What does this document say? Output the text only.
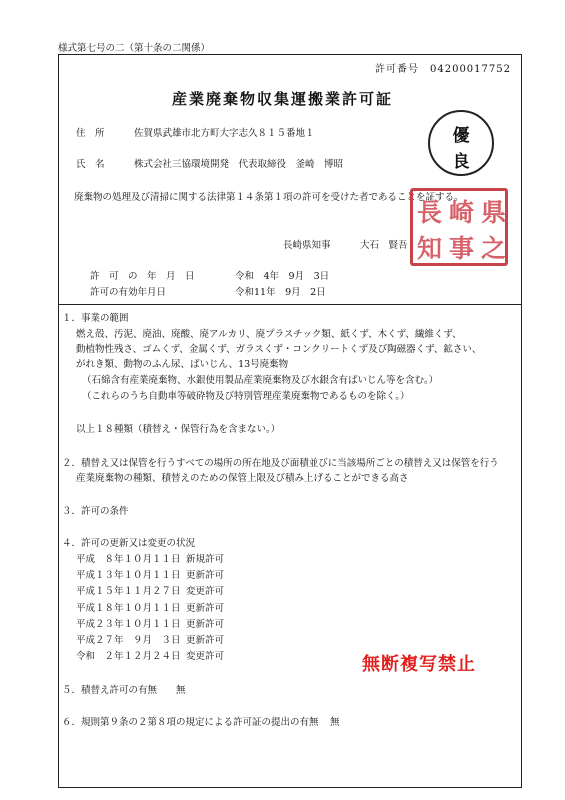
様式第七号の二（第十条の二関係）
許可番号　04200017752
産業廃棄物収集運搬業許可証
住　所	佐賀県武雄市北方町大字志久８１５番地１
氏　名	株式会社三協環境開発　代表取締役　釜崎　博昭
優
良
廃棄物の処理及び清掃に関する法律第１４条第１項の許可を受けた者であることを証する。
長 崎 県
知 事 之
長崎県知事	大石　賢吾
許　可　の　年　月　日	令和　4年　9月　3日
許可の有効年月日	令和11年　9月　2日
１．事業の範囲
燃え殻、汚泥、廃油、廃酸、廃アルカリ、廃プラスチック類、紙くず、木くず、繊維くず、
動植物性残さ、ゴムくず、金属くず、ガラスくず・コンクリートくず及び陶磁器くず、鉱さい、
がれき類、動物のふん尿、ばいじん、13号廃棄物
（石綿含有産業廃棄物、水銀使用製品産業廃棄物及び水銀含有ばいじん等を含む。）
（これらのうち自動車等破砕物及び特別管理産業廃棄物であるものを除く。）
以上１８種類（積替え・保管行為を含まない。）
２．積替え又は保管を行うすべての場所の所在地及び面積並びに当該場所ごとの積替え又は保管を行う
産業廃棄物の種類、積替えのための保管上限及び積み上げることができる高さ
３．許可の条件
４．許可の更新又は変更の状況
平成　８年１０月１１日 新規許可
平成１３年１０月１１日 更新許可
平成１５年１１月２７日 変更許可
平成１８年１０月１１日 更新許可
平成２３年１０月１１日 更新許可
平成２７年　９月　３日 更新許可
令和　２年１２月２４日 変更許可	無断複写禁止
５．積替え許可の有無 無
６．規則第９条の２第８項の規定による許可証の提出の有無 無
